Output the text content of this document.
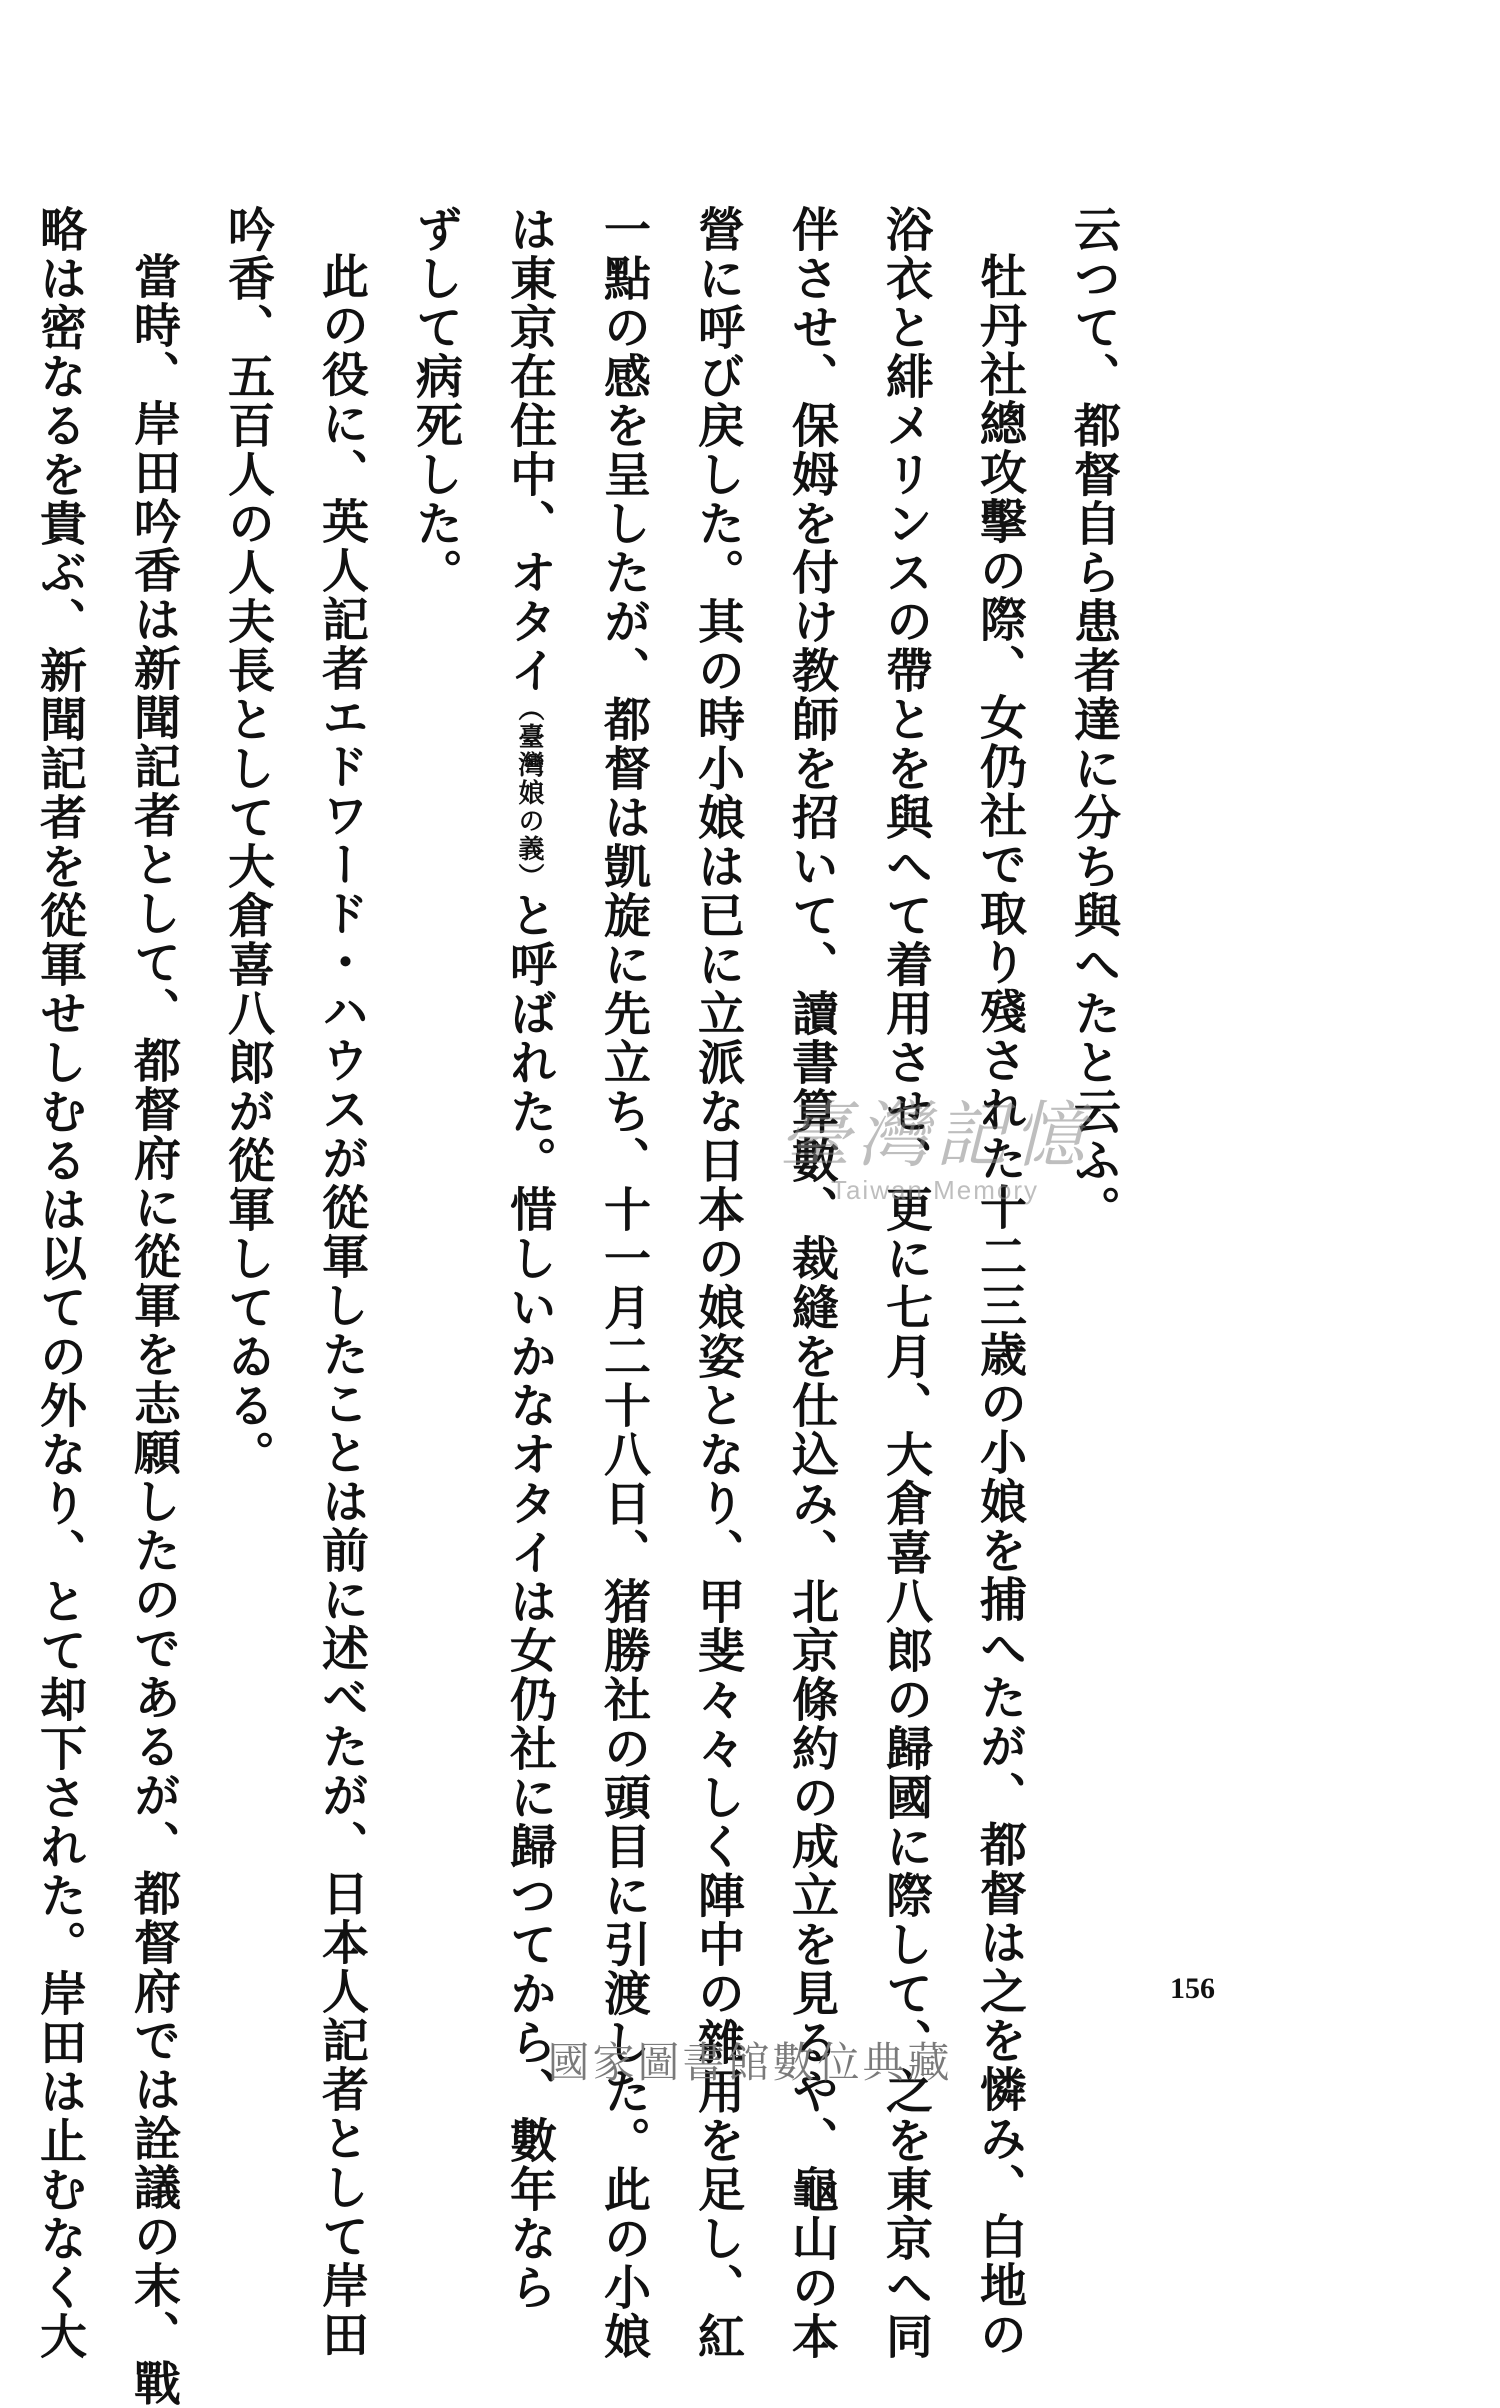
云つて、都督自ら患者達に分ち與へたと云ふ。
牡丹社總攻擊の際、女仍社で取り殘された十二三歳の小娘を捕へたが、都督は之を憐み、白地の
浴衣と緋メリンスの帶とを與へて着用させ、更に七月、大倉喜八郎の歸國に際して、之を東京へ同
伴させ、保姆を付け教師を招いて、讀書算數、裁縫を仕込み、北京條約の成立を見るや、龜山の本
營に呼び戻した。其の時小娘は已に立派な日本の娘姿となり、甲斐々々しく陣中の雜用を足し、紅
一點の感を呈したが、都督は凱旋に先立ち、十一月二十八日、猪勝社の頭目に引渡した。此の小娘
は東京在住中、オタイ（臺灣娘の義）と呼ばれた。惜しいかなオタイは女仍社に歸つてから、數年なら
ずして病死した。
此の役に、英人記者エドワード・ハウスが從軍したことは前に述べたが、日本人記者として岸田
吟香、五百人の人夫長として大倉喜八郎が從軍してゐる。
當時、岸田吟香は新聞記者として、都督府に從軍を志願したのであるが、都督府では詮議の末、戰
略は密なるを貴ぶ、新聞記者を從軍せしむるは以ての外なり、とて却下された。岸田は止むなく大	臺灣記憶
Taiwan Memory
156
國家圖書館數位典藏
